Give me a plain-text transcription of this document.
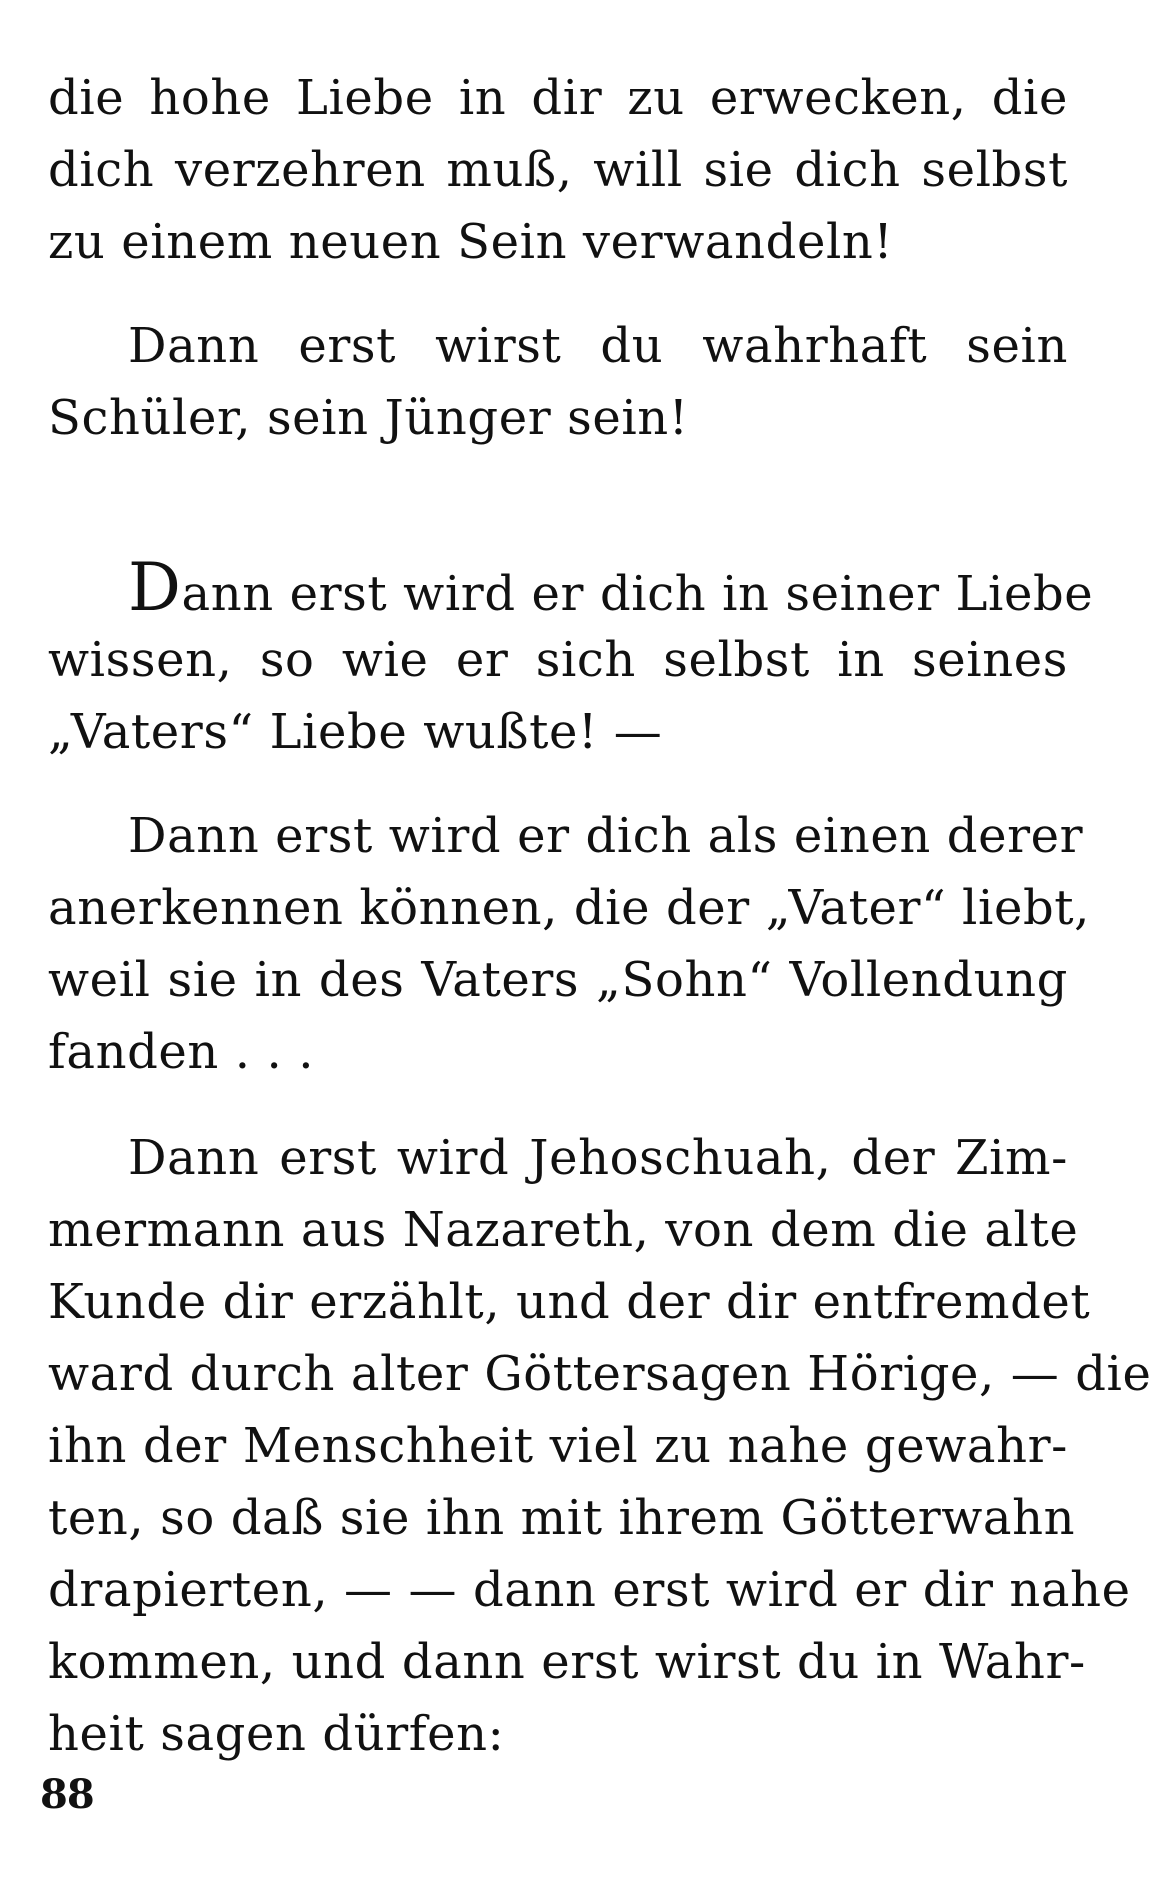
die hohe Liebe in dir zu erwecken, die
dich verzehren muß, will sie dich selbst
zu einem neuen Sein verwandeln!
Dann erst wirst du wahrhaft sein
Schüler, sein Jünger sein!
Dann erst wird er dich in seiner Liebe
wissen, so wie er sich selbst in seines
„Vaters“ Liebe wußte! —
Dann erst wird er dich als einen derer
anerkennen können, die der „Vater“ liebt,
weil sie in des Vaters „Sohn“ Vollendung
fanden . . .
Dann erst wird Jehoschuah, der Zim-
mermann aus Nazareth, von dem die alte
Kunde dir erzählt, und der dir entfremdet
ward durch alter Göttersagen Hörige, — die
ihn der Menschheit viel zu nahe gewahr-
ten, so daß sie ihn mit ihrem Götterwahn
drapierten, — — dann erst wird er dir nahe
kommen, und dann erst wirst du in Wahr-
heit sagen dürfen:
88
